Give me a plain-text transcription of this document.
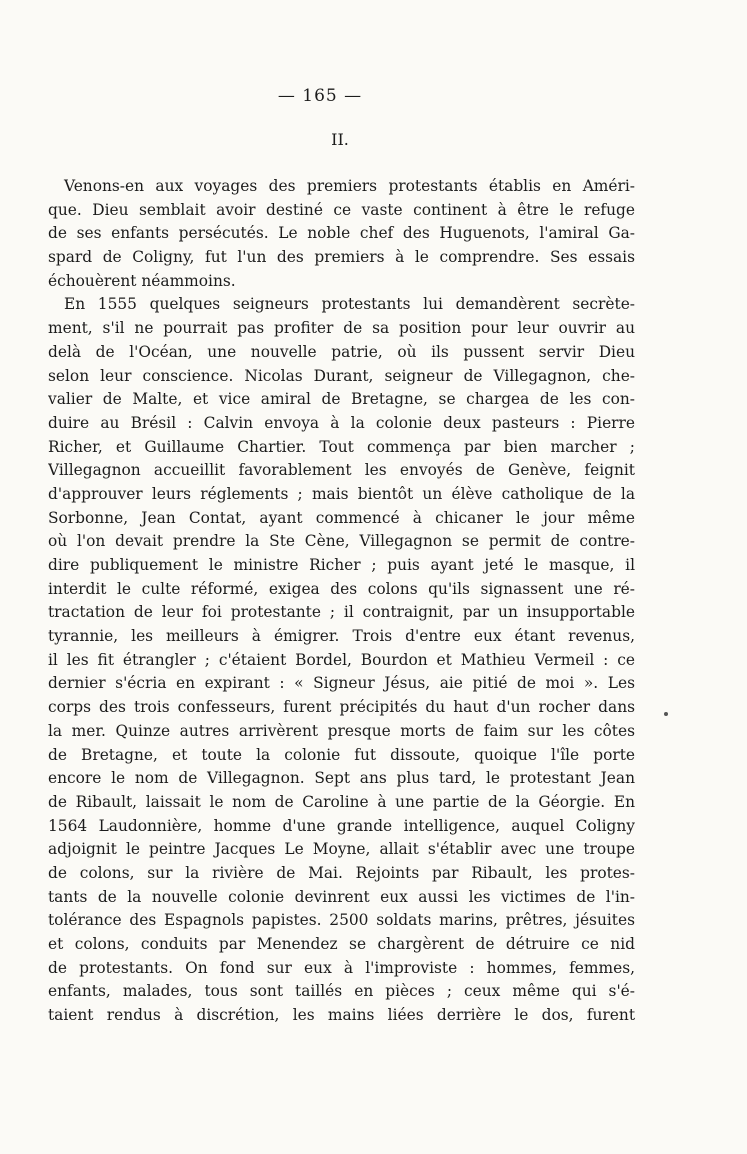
— 165 —
II.
Venons-en aux voyages des premiers protestants établis en Améri-
que. Dieu semblait avoir destiné ce vaste continent à être le refuge
de ses enfants persécutés. Le noble chef des Huguenots, l'amiral Ga-
spard de Coligny, fut l'un des premiers à le comprendre. Ses essais
échouèrent néammoins.
En 1555 quelques seigneurs protestants lui demandèrent secrète-
ment, s'il ne pourrait pas profiter de sa position pour leur ouvrir au
delà de l'Océan, une nouvelle patrie, où ils pussent servir Dieu
selon leur conscience. Nicolas Durant, seigneur de Villegagnon, che-
valier de Malte, et vice amiral de Bretagne, se chargea de les con-
duire au Brésil : Calvin envoya à la colonie deux pasteurs : Pierre
Richer, et Guillaume Chartier. Tout commença par bien marcher ;
Villegagnon accueillit favorablement les envoyés de Genève, feignit
d'approuver leurs réglements ; mais bientôt un élève catholique de la
Sorbonne, Jean Contat, ayant commencé à chicaner le jour même
où l'on devait prendre la Ste Cène, Villegagnon se permit de contre-
dire publiquement le ministre Richer ; puis ayant jeté le masque, il
interdit le culte réformé, exigea des colons qu'ils signassent une ré-
tractation de leur foi protestante ; il contraignit, par un insupportable
tyrannie, les meilleurs à émigrer. Trois d'entre eux étant revenus,
il les fit étrangler ; c'étaient Bordel, Bourdon et Mathieu Vermeil : ce
dernier s'écria en expirant : « Signeur Jésus, aie pitié de moi ». Les
corps des trois confesseurs, furent précipités du haut d'un rocher dans
la mer. Quinze autres arrivèrent presque morts de faim sur les côtes
de Bretagne, et toute la colonie fut dissoute, quoique l'île porte
encore le nom de Villegagnon. Sept ans plus tard, le protestant Jean
de Ribault, laissait le nom de Caroline à une partie de la Géorgie. En
1564 Laudonnière, homme d'une grande intelligence, auquel Coligny
adjoignit le peintre Jacques Le Moyne, allait s'établir avec une troupe
de colons, sur la rivière de Mai. Rejoints par Ribault, les protes-
tants de la nouvelle colonie devinrent eux aussi les victimes de l'in-
tolérance des Espagnols papistes. 2500 soldats marins, prêtres, jésuites
et colons, conduits par Menendez se chargèrent de détruire ce nid
de protestants. On fond sur eux à l'improviste : hommes, femmes,
enfants, malades, tous sont taillés en pièces ; ceux même qui s'é-
taient rendus à discrétion, les mains liées derrière le dos, furent
